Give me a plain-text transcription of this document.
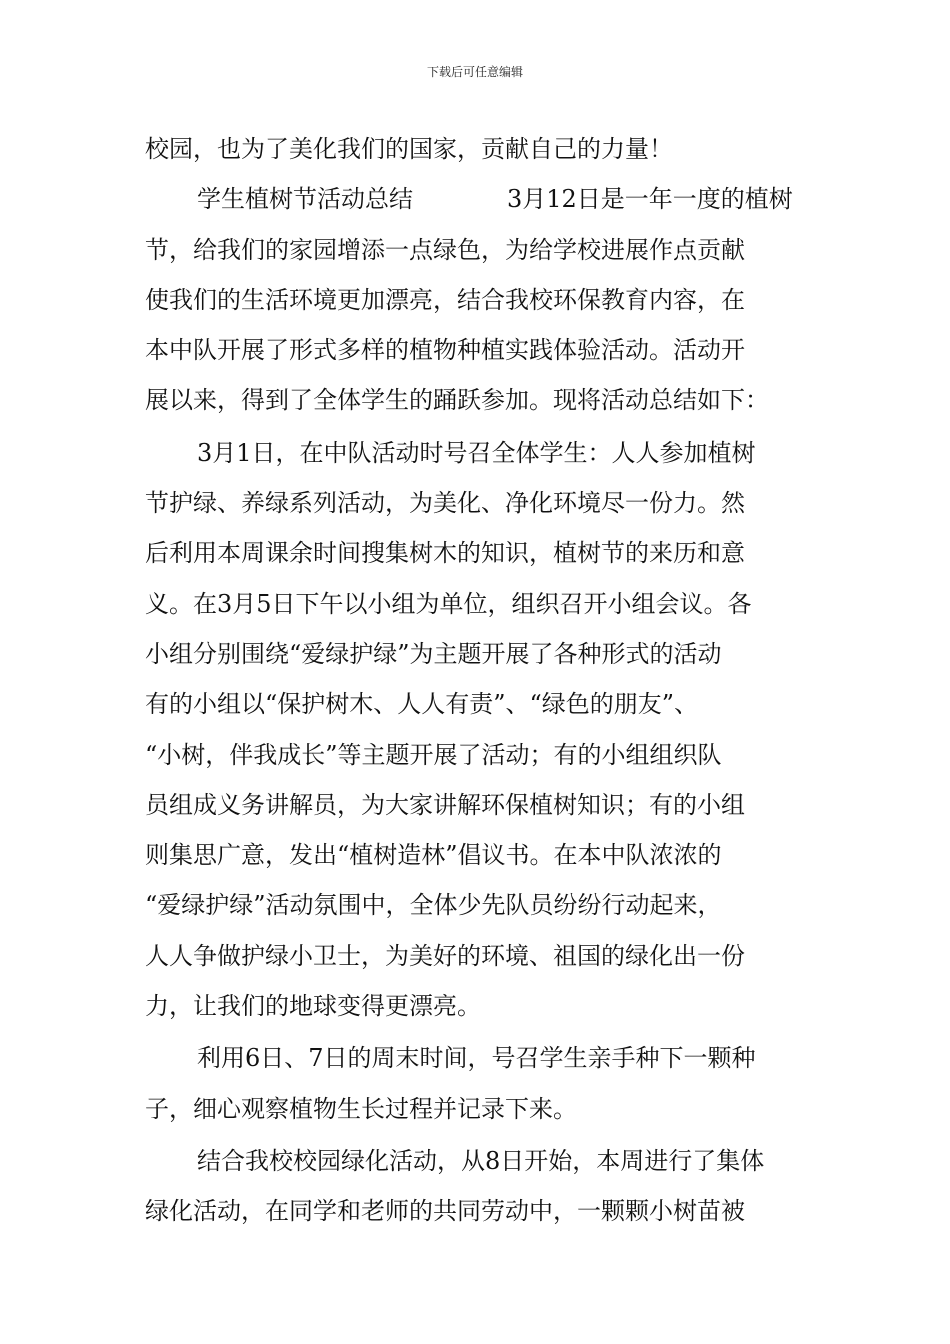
下载后可任意编辑
校园，也为了美化我们的国家，贡献自己的力量！
学生植树节活动总结	3月12日是一年一度的植树
节，给我们的家园增添一点绿色，为给学校进展作点贡献
使我们的生活环境更加漂亮，结合我校环保教育内容，在
本中队开展了形式多样的植物种植实践体验活动。活动开
展以来，得到了全体学生的踊跃参加。现将活动总结如下：
3月1日，在中队活动时号召全体学生：人人参加植树
节护绿、养绿系列活动，为美化、净化环境尽一份力。然
后利用本周课余时间搜集树木的知识，植树节的来历和意
义。在3月5日下午以小组为单位，组织召开小组会议。各
小组分别围绕“爱绿护绿”为主题开展了各种形式的活动
有的小组以“保护树木、人人有责”、“绿色的朋友”、
“小树，伴我成长”等主题开展了活动；有的小组组织队
员组成义务讲解员，为大家讲解环保植树知识；有的小组
则集思广意，发出“植树造林”倡议书。在本中队浓浓的
“爱绿护绿”活动氛围中，全体少先队员纷纷行动起来，
人人争做护绿小卫士，为美好的环境、祖国的绿化出一份
力，让我们的地球变得更漂亮。
利用6日、7日的周末时间，号召学生亲手种下一颗种
子，细心观察植物生长过程并记录下来。
结合我校校园绿化活动，从8日开始，本周进行了集体
绿化活动，在同学和老师的共同劳动中，一颗颗小树苗被
